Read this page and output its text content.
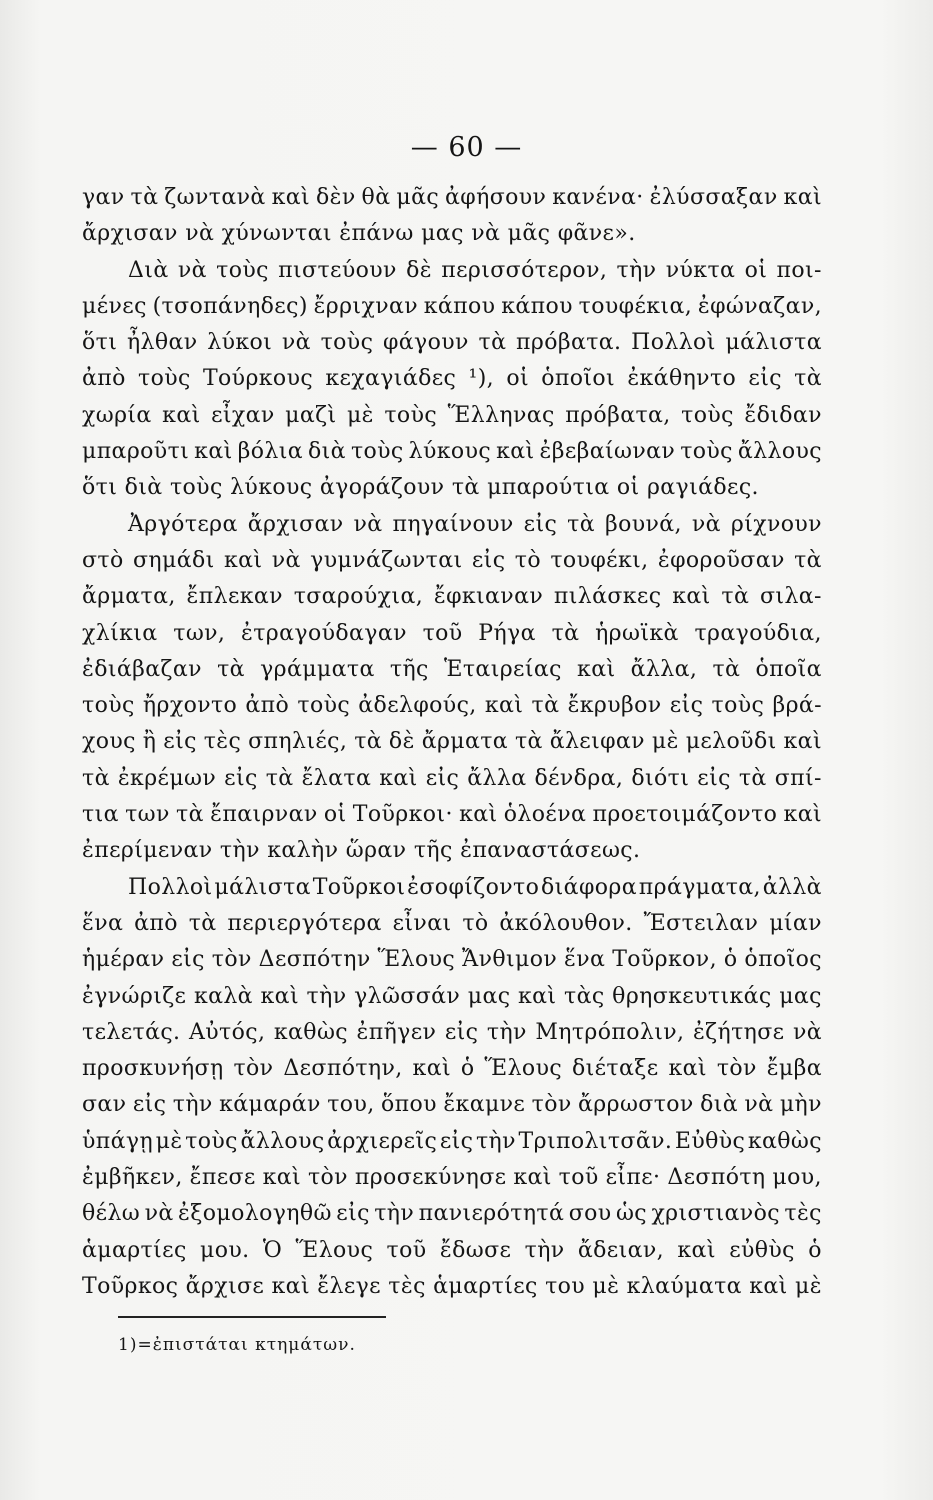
— 60 —
γαν τὰ ζωντανὰ καὶ δὲν θὰ μᾶς ἀφήσουν κανένα· ἐλύσσαξαν καὶ
ἄρχισαν νὰ χύνωνται ἐπάνω μας νὰ μᾶς φᾶνε».
Διὰ νὰ τοὺς πιστεύουν δὲ περισσότερον, τὴν νύκτα οἱ ποι-
μένες (τσοπάνηδες) ἔρριχναν κάπου κάπου τουφέκια, ἐφώναζαν,
ὅτι ἦλθαν λύκοι νὰ τοὺς φάγουν τὰ πρόβατα. Πολλοὶ μάλιστα
ἀπὸ τοὺς Τούρκους κεχαγιάδες ¹), οἱ ὁποῖοι ἐκάθηντο εἰς τὰ
χωρία καὶ εἶχαν μαζὶ μὲ τοὺς Ἕλληνας πρόβατα, τοὺς ἔδιδαν
μπαροῦτι καὶ βόλια διὰ τοὺς λύκους καὶ ἐβεβαίωναν τοὺς ἄλλους
ὅτι διὰ τοὺς λύκους ἀγοράζουν τὰ μπαρούτια οἱ ραγιάδες.
Ἀργότερα ἄρχισαν νὰ πηγαίνουν εἰς τὰ βουνά, νὰ ρίχνουν
στὸ σημάδι καὶ νὰ γυμνάζωνται εἰς τὸ τουφέκι, ἐφοροῦσαν τὰ
ἄρματα, ἔπλεκαν τσαρούχια, ἔφκιαναν πιλάσκες καὶ τὰ σιλα-
χλίκια των, ἐτραγούδαγαν τοῦ Ρήγα τὰ ἡρωϊκὰ τραγούδια,
ἐδιάβαζαν τὰ γράμματα τῆς Ἑταιρείας καὶ ἄλλα, τὰ ὁποῖα
τοὺς ἤρχοντο ἀπὸ τοὺς ἀδελφούς, καὶ τὰ ἔκρυβον εἰς τοὺς βρά-
χους ἢ εἰς τὲς σπηλιές, τὰ δὲ ἄρματα τὰ ἄλειφαν μὲ μελοῦδι καὶ
τὰ ἐκρέμων εἰς τὰ ἔλατα καὶ εἰς ἄλλα δένδρα, διότι εἰς τὰ σπί-
τια των τὰ ἔπαιρναν οἱ Τοῦρκοι· καὶ ὁλοένα προετοιμάζοντο καὶ
ἐπερίμεναν τὴν καλὴν ὥραν τῆς ἐπαναστάσεως.
Πολλοὶ μάλιστα Τοῦρκοι ἐσοφίζοντο διάφορα πράγματα, ἀλλὰ
ἕνα ἀπὸ τὰ περιεργότερα εἶναι τὸ ἀκόλουθον. Ἔστειλαν μίαν
ἡμέραν εἰς τὸν Δεσπότην Ἕλους Ἄνθιμον ἕνα Τοῦρκον, ὁ ὁποῖος
ἐγνώριζε καλὰ καὶ τὴν γλῶσσάν μας καὶ τὰς θρησκευτικάς μας
τελετάς. Αὐτός, καθὼς ἐπῆγεν εἰς τὴν Μητρόπολιν, ἐζήτησε νὰ
προσκυνήσῃ τὸν Δεσπότην, καὶ ὁ Ἕλους διέταξε καὶ τὸν ἔμβα
σαν εἰς τὴν κάμαράν του, ὅπου ἔκαμνε τὸν ἄρρωστον διὰ νὰ μὴν
ὑπάγῃ μὲ τοὺς ἄλλους ἀρχιερεῖς εἰς τὴν Τριπολιτσᾶν. Εὐθὺς καθὼς
ἐμβῆκεν, ἔπεσε καὶ τὸν προσεκύνησε καὶ τοῦ εἶπε· Δεσπότη μου,
θέλω νὰ ἐξομολογηθῶ εἰς τὴν πανιερότητά σου ὡς χριστιανὸς τὲς
ἁμαρτίες μου. Ὁ Ἕλους τοῦ ἔδωσε τὴν ἄδειαν, καὶ εὐθὺς ὁ
Τοῦρκος ἄρχισε καὶ ἔλεγε τὲς ἁμαρτίες του μὲ κλαύματα καὶ μὲ
1)=ἐπιστάται κτημάτων.
